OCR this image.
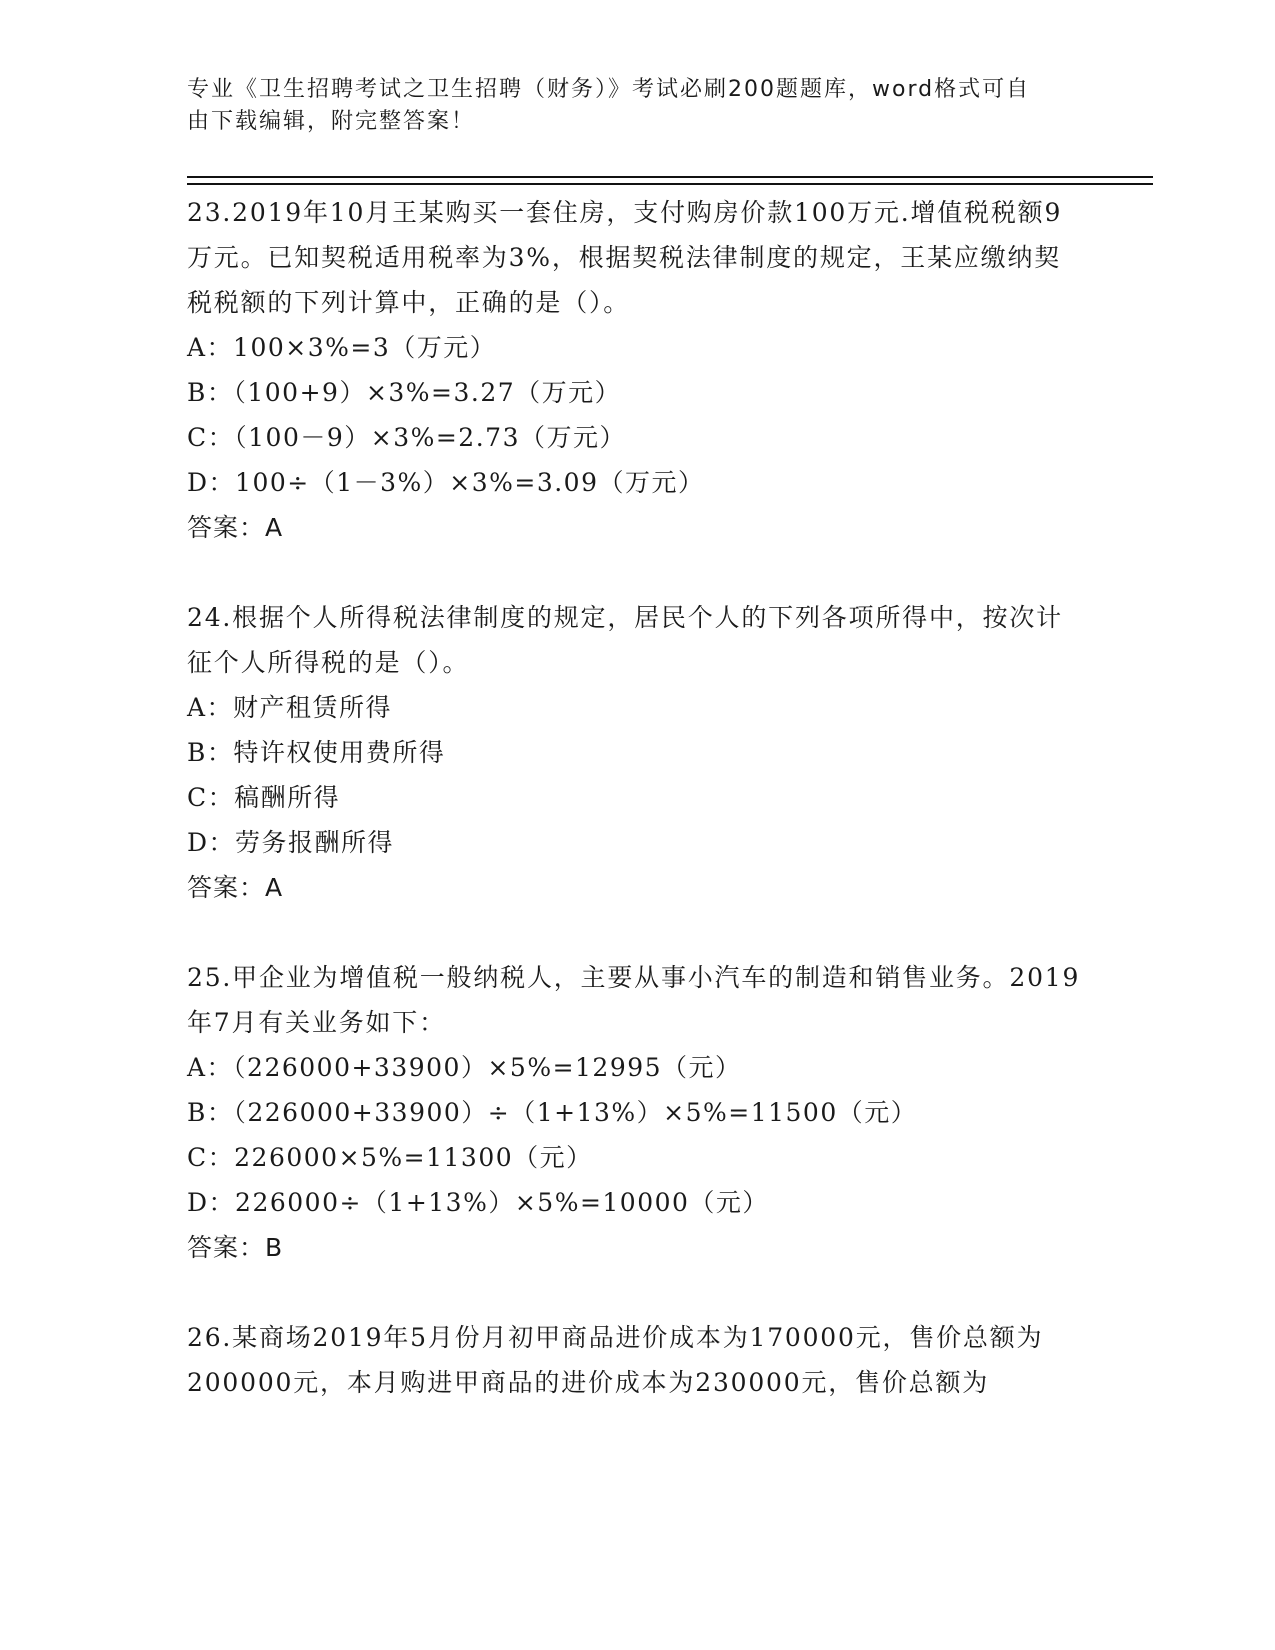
专业《卫生招聘考试之卫生招聘（财务）》考试必刷200题题库，word格式可自
由下载编辑，附完整答案！
23.2019年10月王某购买一套住房，支付购房价款100万元.增值税税额9万元。已知契税适用税率为3%，根据契税法律制度的规定，王某应缴纳契税税额的下列计算中，正确的是（）。
A：100×3%=3（万元）
B：（100+9）×3%=3.27（万元）
C：（100－9）×3%=2.73（万元）
D：100÷（1－3%）×3%=3.09（万元）
答案：A
24.根据个人所得税法律制度的规定，居民个人的下列各项所得中，按次计征个人所得税的是（）。
A：财产租赁所得
B：特许权使用费所得
C：稿酬所得
D：劳务报酬所得
答案：A
25.甲企业为增值税一般纳税人，主要从事小汽车的制造和销售业务。2019年7月有关业务如下：
A：（226000+33900）×5%=12995（元）
B：（226000+33900）÷（1+13%）×5%=11500（元）
C：226000×5%=11300（元）
D：226000÷（1+13%）×5%=10000（元）
答案：B
26.某商场2019年5月份月初甲商品进价成本为170000元，售价总额为200000元，本月购进甲商品的进价成本为230000元，售价总额为
